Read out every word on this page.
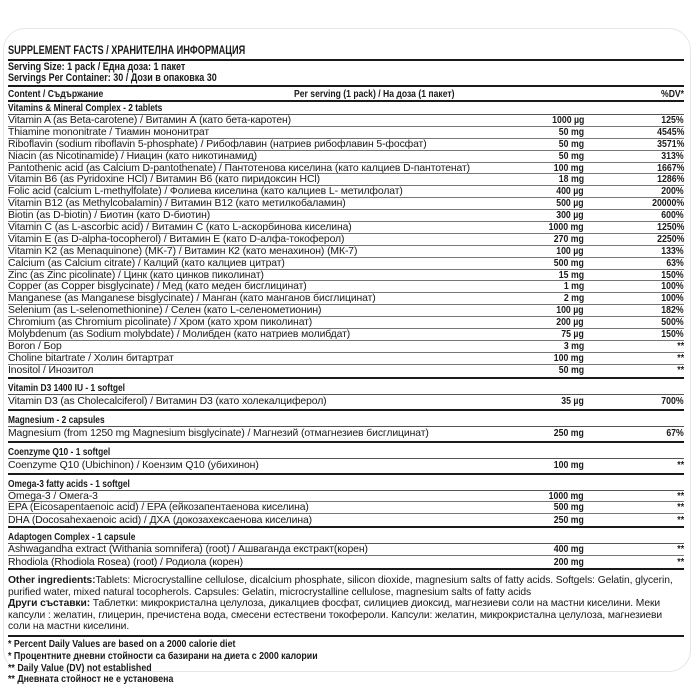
SUPPLEMENT FACTS / ХРАНИТЕЛНА ИНФОРМАЦИЯ
Serving Size: 1 pack / Една доза: 1 пакет
Servings Per Container: 30 / Дози в опаковка 30
Content / Съдържание	Per serving (1 pack) / На доза (1 пакет)	%DV*
Vitamins & Mineral Complex - 2 tablets
Vitamin A (as Beta-carotene) / Витамин А (като бета-каротен)	1000 µg	125%
Thiamine mononitrate / Тиамин мононитрат	50 mg	4545%
Riboflavin (sodium riboflavin 5-phosphate) / Рибофлавин (натриев рибофлавин 5-фосфат)	50 mg	3571%
Niacin (as Nicotinamide) / Ниацин (като никотинамид)	50 mg	313%
Pantothenic acid (as Calcium D-pantothenate) / Пантотенова киселина (като калциев D-пантотенат)	100 mg	1667%
Vitamin B6 (as Pyridoxine HCl) / Витамин B6 (като пиридоксин HCl)	18 mg	1286%
Folic acid (calcium L-methylfolate) / Фолиева киселина (като калциев L- метилфолат)	400 µg	200%
Vitamin B12 (as Methylcobalamin) / Витамин B12 (като метилкобаламин)	500 µg	20000%
Biotin (as D-biotin) / Биотин (като D-биотин)	300 µg	600%
Vitamin C (as L-ascorbic acid) / Витамин С (като L-аскорбинова киселина)	1000 mg	1250%
Vitamin E (as D-alpha-tocopherol) / Витамин Е (като D-алфа-токоферол)	270 mg	2250%
Vitamin K2 (as Menaquinone) (MK-7) / Витамин К2 (като менахинон) (МК-7)	100 µg	133%
Calcium (as Calcium citrate) / Калций (като калциев цитрат)	500 mg	63%
Zinc (as Zinc picolinate) / Цинк (като цинков пиколинат)	15 mg	150%
Copper (as Copper bisglycinate) / Мед (като меден бисглицинат)	1 mg	100%
Manganese (as Manganese bisglycinate) / Манган (като манганов бисглицинат)	2 mg	100%
Selenium (as L-selenomethionine) / Селен (като L-селенометионин)	100 µg	182%
Chromium (as Chromium picolinate) / Хром (като хром пиколинат)	200 µg	500%
Molybdenum (as Sodium molybdate) / Молибден (като натриев молибдат)	75 µg	150%
Boron / Бор	3 mg	**
Choline bitartrate / Холин битартрат	100 mg	**
Inositol / Инозитол	50 mg	**
Vitamin D3 1400 IU - 1 softgel
Vitamin D3 (as Cholecalciferol) / Витамин D3 (като холекалциферол)	35 µg	700%
Magnesium - 2 capsules
Magnesium (from 1250 mg Magnesium bisglycinate) / Магнезий (отмагнезиев бисглицинат)	250 mg	67%
Coenzyme Q10 - 1 softgel
Coenzyme Q10 (Ubichinon) / Коензим Q10 (убихинон)	100 mg	**
Omega-3 fatty acids - 1 softgel
Omega-3 / Омега-3	1000 mg	**
EPA (Eicosapentaenoic acid) / EPA (ейкозапентаенова киселина)	500 mg	**
DHA (Docosahexaenoic acid) / ДХА (докозахексаенова киселина)	250 mg	**
Adaptogen Complex - 1 capsule
Ashwagandha extract (Withania somnifera) (root) / Ашваганда екстракт(корен)	400 mg	**
Rhodiola (Rhodiola Rosea) (root) / Родиола (корен)	200 mg	**
Other ingredients:Tablets: Microcrystalline cellulose, dicalcium phosphate, silicon dioxide, magnesium salts of fatty acids. Softgels: Gelatin, glycerin, purified water, mixed natural tocopherols. Capsules: Gelatin, microcrystalline cellulose, magnesium salts of fatty acids
Други съставки: Таблетки: микрокристална целулоза, дикалциев фосфат, силициев диоксид, магнезиеви соли на мастни киселини. Меки капсули : желатин, глицерин, пречистена вода, смесени естествени токофероли. Капсули: желатин, микрокристална целулоза, магнезиеви соли на мастни киселини.
* Percent Daily Values are based on a 2000 calorie diet
* Процентните дневни стойности са базирани на диета с 2000 калории
** Daily Value (DV) not established
** Дневната стойност не е установена
